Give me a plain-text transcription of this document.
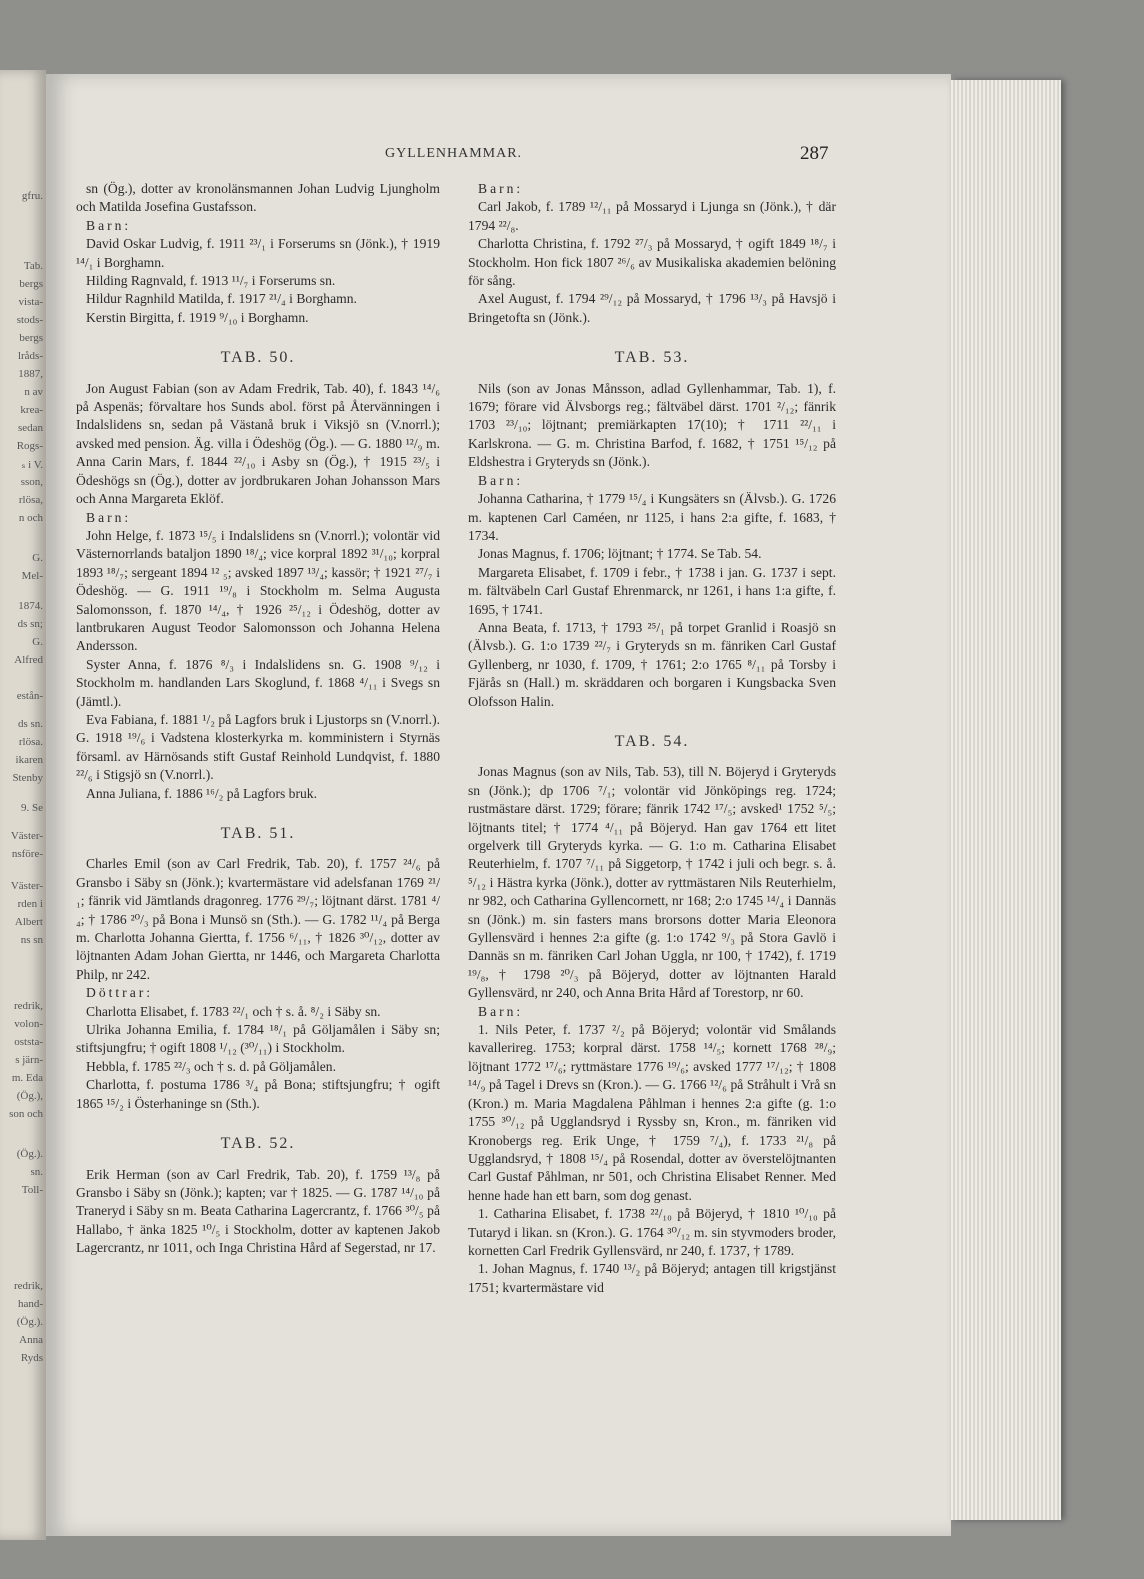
gfru.
Tab.
bergs
vista-
stods-
bergs
lråds-
1887,
n av
krea-
sedan
Rogs-
ₛ i V.
sson,
rlösa,
n och
G.
Mel-
1874.
ds sn;
G.
Alfred
estån-
ds sn.
rlösa.
ikaren
Stenby
9. Se
Väster-
nsföre-
Väster-
rden i
Albert
ns sn
redrik,
volon-
oststa-
s järn-
m. Eda
(Ög.),
son och
(Ög.).
sn.
Toll-
redrik,
hand-
(Ög.).
Anna
Ryds
GYLLENHAMMAR.	287

sn (Ög.), dotter av kronolänsmannen Johan Ludvig Ljungholm och Matilda Josefina Gustafsson.

Barn:

David Oskar Ludvig, f. 1911 ²³/₁ i Forserums sn (Jönk.), † 1919 ¹⁴/₁ i Borghamn.

Hilding Ragnvald, f. 1913 ¹¹/₇ i Forserums sn.

Hildur Ragnhild Matilda, f. 1917 ²¹/₄ i Borghamn.

Kerstin Birgitta, f. 1919 ⁹/₁₀ i Borghamn.

TAB. 50.

Jon August Fabian (son av Adam Fredrik, Tab. 40), f. 1843 ¹⁴/₆ på Aspenäs; förvaltare hos Sunds abol. först på Återvänningen i Indalslidens sn, sedan på Västanå bruk i Viksjö sn (V.norrl.); avsked med pension. Äg. villa i Ödeshög (Ög.). — G. 1880 ¹²/₉ m. Anna Carin Mars, f. 1844 ²²/₁₀ i Asby sn (Ög.), † 1915 ²³/₅ i Ödeshögs sn (Ög.), dotter av jordbrukaren Johan Johansson Mars och Anna Margareta Eklöf.

Barn:

John Helge, f. 1873 ¹⁵/₅ i Indalslidens sn (V.norrl.); volontär vid Västernorrlands bataljon 1890 ¹⁸/₄; vice korpral 1892 ³¹/₁₀; korpral 1893 ¹⁸/₇; sergeant 1894 ¹² ₅; avsked 1897 ¹³/₄; kassör; † 1921 ²⁷/₇ i Ödeshög. — G. 1911 ¹⁹/₈ i Stockholm m. Selma Augusta Salomonsson, f. 1870 ¹⁴/₄, † 1926 ²⁵/₁₂ i Ödeshög, dotter av lantbrukaren August Teodor Salomonsson och Johanna Helena Andersson.

Syster Anna, f. 1876 ⁸/₃ i Indalslidens sn. G. 1908 ⁹/₁₂ i Stockholm m. handlanden Lars Skoglund, f. 1868 ⁴/₁₁ i Svegs sn (Jämtl.).

Eva Fabiana, f. 1881 ¹/₂ på Lagfors bruk i Ljustorps sn (V.norrl.). G. 1918 ¹⁹/₆ i Vadstena klosterkyrka m. komministern i Styrnäs församl. av Härnösands stift Gustaf Reinhold Lundqvist, f. 1880 ²²/₆ i Stigsjö sn (V.norrl.).

Anna Juliana, f. 1886 ¹⁶/₂ på Lagfors bruk.

TAB. 51.

Charles Emil (son av Carl Fredrik, Tab. 20), f. 1757 ²⁴/₆ på Gransbo i Säby sn (Jönk.); kvartermästare vid adelsfanan 1769 ²¹/₁; fänrik vid Jämtlands dragonreg. 1776 ²⁹/₇; löjtnant därst. 1781 ⁴/₄; † 1786 ²⁰/₃ på Bona i Munsö sn (Sth.). — G. 1782 ¹¹/₄ på Berga m. Charlotta Johanna Giertta, f. 1756 ⁶/₁₁, † 1826 ³⁰/₁₂, dotter av löjtnanten Adam Johan Giertta, nr 1446, och Margareta Charlotta Philp, nr 242.

Döttrar:

Charlotta Elisabet, f. 1783 ²²/₁ och † s. å. ⁸/₂ i Säby sn.

Ulrika Johanna Emilia, f. 1784 ¹⁸/₁ på Göljamålen i Säby sn; stiftsjungfru; † ogift 1808 ¹/₁₂ (³⁰/₁₁) i Stockholm.

Hebbla, f. 1785 ²²/₃ och † s. d. på Göljamålen.

Charlotta, f. postuma 1786 ³/₄ på Bona; stiftsjungfru; † ogift 1865 ¹⁵/₂ i Österhaninge sn (Sth.).

TAB. 52.

Erik Herman (son av Carl Fredrik, Tab. 20), f. 1759 ¹³/₈ på Gransbo i Säby sn (Jönk.); kapten; var † 1825. — G. 1787 ¹⁴/₁₀ på Traneryd i Säby sn m. Beata Catharina Lagercrantz, f. 1766 ³⁰/₅ på Hallabo, † änka 1825 ¹⁰/₅ i Stockholm, dotter av kaptenen Jakob Lagercrantz, nr 1011, och Inga Christina Hård af Segerstad, nr 17.

Barn:

Carl Jakob, f. 1789 ¹²/₁₁ på Mossaryd i Ljunga sn (Jönk.), † där 1794 ²²/₈.

Charlotta Christina, f. 1792 ²⁷/₃ på Mossaryd, † ogift 1849 ¹⁸/₇ i Stockholm. Hon fick 1807 ²⁶/₆ av Musikaliska akademien belöning för sång.

Axel August, f. 1794 ²⁹/₁₂ på Mossaryd, † 1796 ¹³/₃ på Havsjö i Bringetofta sn (Jönk.).

TAB. 53.

Nils (son av Jonas Månsson, adlad Gyllenhammar, Tab. 1), f. 1679; förare vid Älvsborgs reg.; fältväbel därst. 1701 ²/₁₂; fänrik 1703 ²³/₁₀; löjtnant; premiärkapten 17(10); † 1711 ²²/₁₁ i Karlskrona. — G. m. Christina Barfod, f. 1682, † 1751 ¹⁵/₁₂ på Eldshestra i Gryteryds sn (Jönk.).

Barn:

Johanna Catharina, † 1779 ¹⁵/₄ i Kungsäters sn (Älvsb.). G. 1726 m. kaptenen Carl Caméen, nr 1125, i hans 2:a gifte, f. 1683, † 1734.

Jonas Magnus, f. 1706; löjtnant; † 1774. Se Tab. 54.

Margareta Elisabet, f. 1709 i febr., † 1738 i jan. G. 1737 i sept. m. fältväbeln Carl Gustaf Ehrenmarck, nr 1261, i hans 1:a gifte, f. 1695, † 1741.

Anna Beata, f. 1713, † 1793 ²⁵/₁ på torpet Granlid i Roasjö sn (Älvsb.). G. 1:o 1739 ²²/₇ i Gryteryds sn m. fänriken Carl Gustaf Gyllenberg, nr 1030, f. 1709, † 1761; 2:o 1765 ⁸/₁₁ på Torsby i Fjärås sn (Hall.) m. skräddaren och borgaren i Kungsbacka Sven Olofsson Halin.

TAB. 54.

Jonas Magnus (son av Nils, Tab. 53), till N. Böjeryd i Gryteryds sn (Jönk.); dp 1706 ⁷/₁; volontär vid Jönköpings reg. 1724; rustmästare därst. 1729; förare; fänrik 1742 ¹⁷/₅; avsked¹ 1752 ⁵/₅; löjtnants titel; † 1774 ⁴/₁₁ på Böjeryd. Han gav 1764 ett litet orgelverk till Gryteryds kyrka. — G. 1:o m. Catharina Elisabet Reuterhielm, f. 1707 ⁷/₁₁ på Siggetorp, † 1742 i juli och begr. s. å. ⁵/₁₂ i Hästra kyrka (Jönk.), dotter av ryttmästaren Nils Reuterhielm, nr 982, och Catharina Gyllencornett, nr 168; 2:o 1745 ¹⁴/₄ i Dannäs sn (Jönk.) m. sin fasters mans brorsons dotter Maria Eleonora Gyllensvärd i hennes 2:a gifte (g. 1:o 1742 ⁹/₃ på Stora Gavlö i Dannäs sn m. fänriken Carl Johan Uggla, nr 100, † 1742), f. 1719 ¹⁹/₈, † 1798 ²⁰/₃ på Böjeryd, dotter av löjtnanten Harald Gyllensvärd, nr 240, och Anna Brita Hård af Torestorp, nr 60.

Barn:

1. Nils Peter, f. 1737 ²/₂ på Böjeryd; volontär vid Smålands kavallerireg. 1753; korpral därst. 1758 ¹⁴/₅; kornett 1768 ²⁸/₉; löjtnant 1772 ¹⁷/₆; ryttmästare 1776 ¹⁹/₆; avsked 1777 ¹⁷/₁₂; † 1808 ¹⁴/₉ på Tagel i Drevs sn (Kron.). — G. 1766 ¹²/₆ på Stråhult i Vrå sn (Kron.) m. Maria Magdalena Påhlman i hennes 2:a gifte (g. 1:o 1755 ³⁰/₁₂ på Ugglandsryd i Ryssby sn, Kron., m. fänriken vid Kronobergs reg. Erik Unge, † 1759 ⁷/₄), f. 1733 ²¹/₈ på Ugglandsryd, † 1808 ¹⁵/₄ på Rosendal, dotter av överstelöjtnanten Carl Gustaf Påhlman, nr 501, och Christina Elisabet Renner. Med henne hade han ett barn, som dog genast.

1. Catharina Elisabet, f. 1738 ²²/₁₀ på Böjeryd, † 1810 ¹⁰/₁₀ på Tutaryd i likan. sn (Kron.). G. 1764 ³⁰/₁₂ m. sin styvmoders broder, kornetten Carl Fredrik Gyllensvärd, nr 240, f. 1737, † 1789.

1. Johan Magnus, f. 1740 ¹³/₂ på Böjeryd; antagen till krigstjänst 1751; kvartermästare vid
